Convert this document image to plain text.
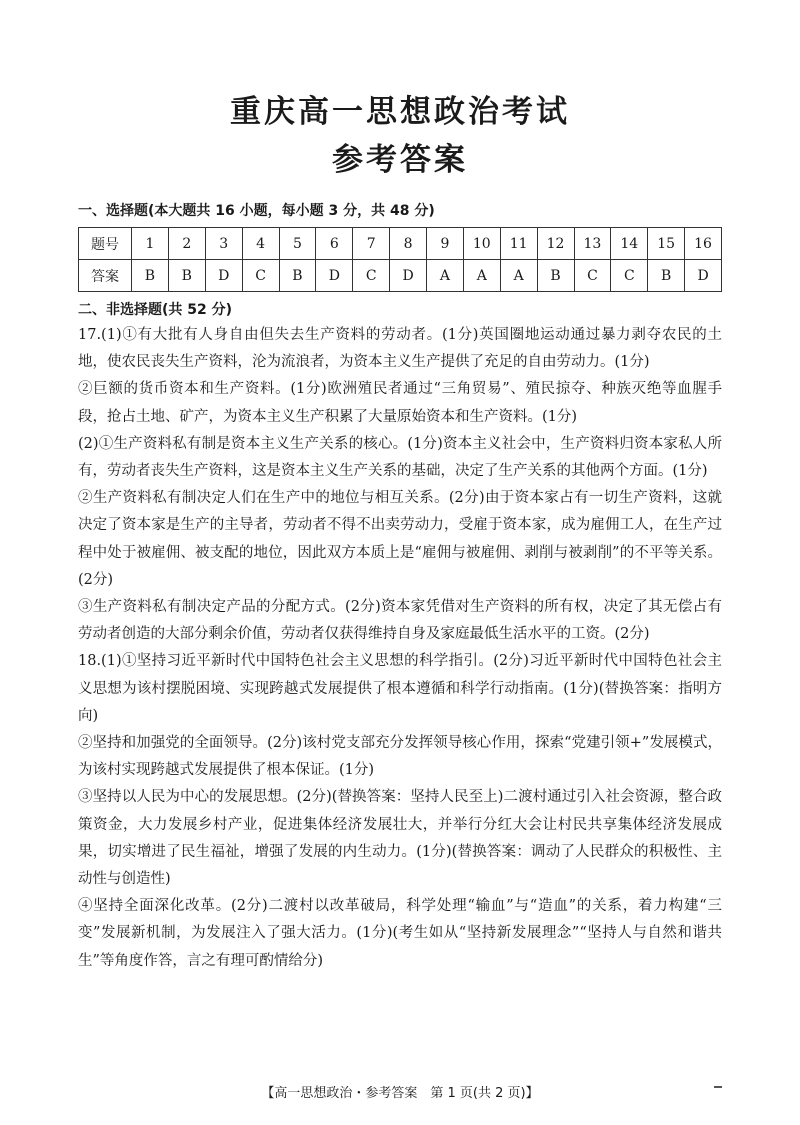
重庆高一思想政治考试
参考答案
一、选择题(本大题共 16 小题，每小题 3 分，共 48 分)
题号	1	2	3	4	5	6	7	8	9	10	11	12	13	14	15	16
答案	B	B	D	C	B	D	C	D	A	A	A	B	C	C	B	D
二、非选择题(共 52 分)

17.(1)①有大批有人身自由但失去生产资料的劳动者。(1分)英国圈地运动通过暴力剥夺农民的土地，使农民丧失生产资料，沦为流浪者，为资本主义生产提供了充足的自由劳动力。(1分)

②巨额的货币资本和生产资料。(1分)欧洲殖民者通过“三角贸易”、殖民掠夺、种族灭绝等血腥手段，抢占土地、矿产，为资本主义生产积累了大量原始资本和生产资料。(1分)

(2)①生产资料私有制是资本主义生产关系的核心。(1分)资本主义社会中，生产资料归资本家私人所有，劳动者丧失生产资料，这是资本主义生产关系的基础，决定了生产关系的其他两个方面。(1分)

②生产资料私有制决定人们在生产中的地位与相互关系。(2分)由于资本家占有一切生产资料，这就决定了资本家是生产的主导者，劳动者不得不出卖劳动力，受雇于资本家，成为雇佣工人，在生产过程中处于被雇佣、被支配的地位，因此双方本质上是“雇佣与被雇佣、剥削与被剥削”的不平等关系。(2分)

③生产资料私有制决定产品的分配方式。(2分)资本家凭借对生产资料的所有权，决定了其无偿占有劳动者创造的大部分剩余价值，劳动者仅获得维持自身及家庭最低生活水平的工资。(2分)

18.(1)①坚持习近平新时代中国特色社会主义思想的科学指引。(2分)习近平新时代中国特色社会主义思想为该村摆脱困境、实现跨越式发展提供了根本遵循和科学行动指南。(1分)(替换答案：指明方向)

②坚持和加强党的全面领导。(2分)该村党支部充分发挥领导核心作用，探索“党建引领+”发展模式，为该村实现跨越式发展提供了根本保证。(1分)

③坚持以人民为中心的发展思想。(2分)(替换答案：坚持人民至上)二渡村通过引入社会资源，整合政策资金，大力发展乡村产业，促进集体经济发展壮大，并举行分红大会让村民共享集体经济发展成果，切实增进了民生福祉，增强了发展的内生动力。(1分)(替换答案：调动了人民群众的积极性、主动性与创造性)

④坚持全面深化改革。(2分)二渡村以改革破局，科学处理“输血”与“造血”的关系，着力构建“三变”发展新机制，为发展注入了强大活力。(1分)(考生如从“坚持新发展理念”“坚持人与自然和谐共生”等角度作答，言之有理可酌情给分)

【高一思想政治・参考答案　第 1 页(共 2 页)】
